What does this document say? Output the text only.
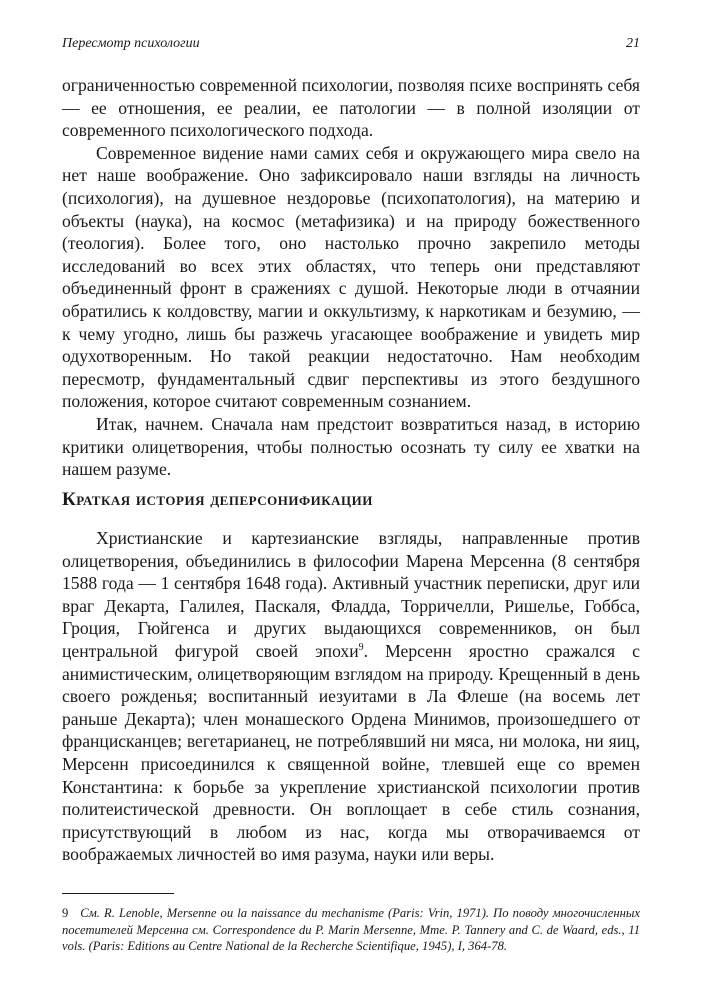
Пересмотр психологии	21

ограниченностью современной психологии, позволяя психе воспринять себя — ее отношения, ее реалии, ее патологии — в полной изоляции от современного психологического подхода.

Современное видение нами самих себя и окружающего мира свело на нет наше воображение. Оно зафиксировало наши взгляды на личность (психология), на душевное нездоровье (психопатология), на материю и объекты (наука), на космос (метафизика) и на природу божественного (теология). Более того, оно настолько прочно закрепило методы исследований во всех этих областях, что теперь они представляют объединенный фронт в сражениях с душой. Некоторые люди в отчаянии обратились к колдовству, магии и оккультизму, к наркотикам и безумию, — к чему угодно, лишь бы разжечь угасающее воображение и увидеть мир одухотворенным. Но такой реакции недостаточно. Нам необходим пересмотр, фундаментальный сдвиг перспективы из этого бездушного положения, которое считают современным сознанием.

Итак, начнем. Сначала нам предстоит возвратиться назад, в историю критики олицетворения, чтобы полностью осознать ту силу ее хватки на нашем разуме.

Краткая история деперсонификации

Христианские и картезианские взгляды, направленные против олицетворения, объединились в философии Марена Мерсенна (8 сентября 1588 года — 1 сентября 1648 года). Активный участник переписки, друг или враг Декарта, Галилея, Паскаля, Фладда, Торричелли, Ришелье, Гоббса, Гроция, Гюйгенса и других выдающихся современников, он был центральной фигурой своей эпохи$^9$. Мерсенн яростно сражался с анимистическим, олицетворяющим взглядом на природу. Крещенный в день своего рожденья; воспитанный иезуитами в Ла Флеше (на восемь лет раньше Декарта); член монашеского Ордена Минимов, произошедшего от францисканцев; вегетарианец, не потреблявший ни мяса, ни молока, ни яиц, Мерсенн присоединился к священной войне, тлевшей еще со времен Константина: к борьбе за укрепление христианской психологии против политеистической древности. Он воплощает в себе стиль сознания, присутствующий в любом из нас, когда мы отворачиваемся от воображаемых личностей во имя разума, науки или веры.

9 См. R. Lenoble, Mersenne ou la naissance du mechanisme (Paris: Vrin, 1971). По поводу многочисленных посетителей Мерсенна см. Correspondence du P. Marin Mersenne, Mme. P. Tannery and C. de Waard, eds., 11 vols. (Paris: Editions au Centre National de la Recherche Scientifique, 1945), I, 364-78.
